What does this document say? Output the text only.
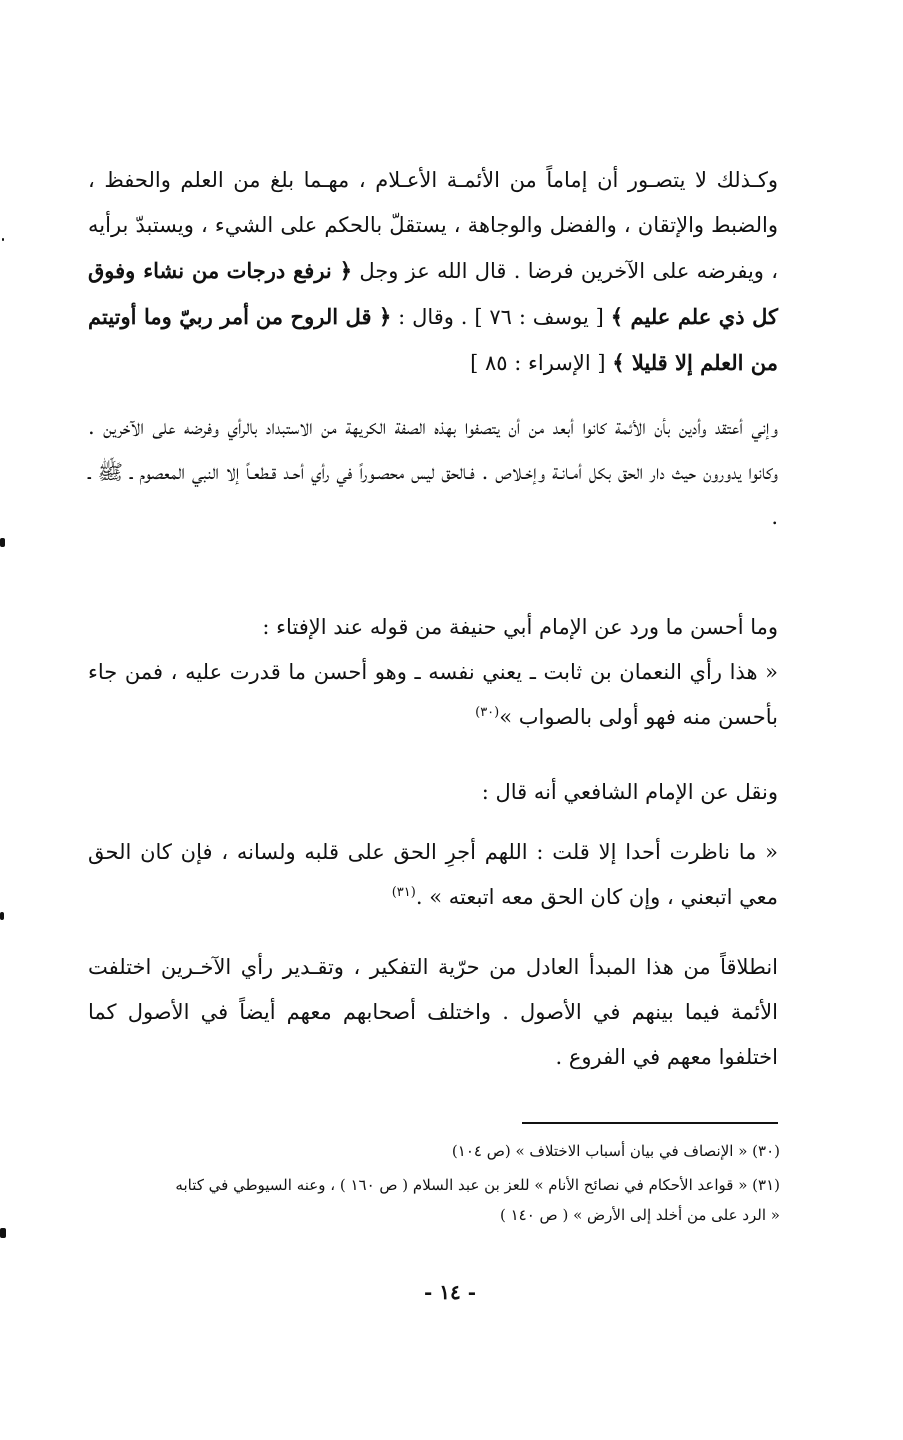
وكـذلك لا يتصـور أن إماماً من الأئمـة الأعـلام ، مهـما بلغ من العلم والحفظ ، والضبط والإتقان ، والفضل والوجاهة ، يستقلّ بالحكم على الشيء ، ويستبدّ برأيه ، ويفرضه على الآخرين فرضا . قال الله عز وجل ﴿ نرفع درجات من نشاء وفوق كل ذي علم عليم ﴾ [ يوسف : ٧٦ ] . وقال : ﴿ قل الروح من أمر ربيّ وما أوتيتم من العلم إلا قليلا ﴾ [ الإسراء : ٨٥ ]

وإني أعتقد وأدين بأن الأئمة كانوا أبعد من أن يتصفوا بهذه الصفة الكريهة من الاستبداد بالرأي وفرضه على الآخرين . وكانوا يدورون حيث دار الحق بكل أمـانـة وإخـلاص . فـالحق ليس محصـوراً في رأي أحـد قـطعـاً إلا النبي المعصوم ـ ﷺ ـ .

وما أحسن ما ورد عن الإمام أبي حنيفة من قوله عند الإفتاء :
« هذا رأي النعمان بن ثابت ـ يعني نفسه ـ وهو أحسن ما قدرت عليه ، فمن جاء بأحسن منه فهو أولى بالصواب »$^{(٣٠)}$

ونقل عن الإمام الشافعي أنه قال :

« ما ناظرت أحدا إلا قلت : اللهم أجرِ الحق على قلبه ولسانه ، فإن كان الحق معي اتبعني ، وإن كان الحق معه اتبعته » .$^{(٣١)}$

انطلاقاً من هذا المبدأ العادل من حرّية التفكير ، وتقـدير رأي الآخـرين اختلفت الأئمة فيما بينهم في الأصول . واختلف أصحابهم معهم أيضاً في الأصول كما اختلفوا معهم في الفروع .

(٣٠) « الإنصاف في بيان أسباب الاختلاف » (ص ١٠٤)

(٣١) « قواعد الأحكام في نصائح الأنام » للعز بن عبد السلام ( ص ١٦٠ ) ، وعنه السيوطي في كتابه
« الرد على من أخلد إلى الأرض » ( ص ١٤٠ )

- ١٤ -
